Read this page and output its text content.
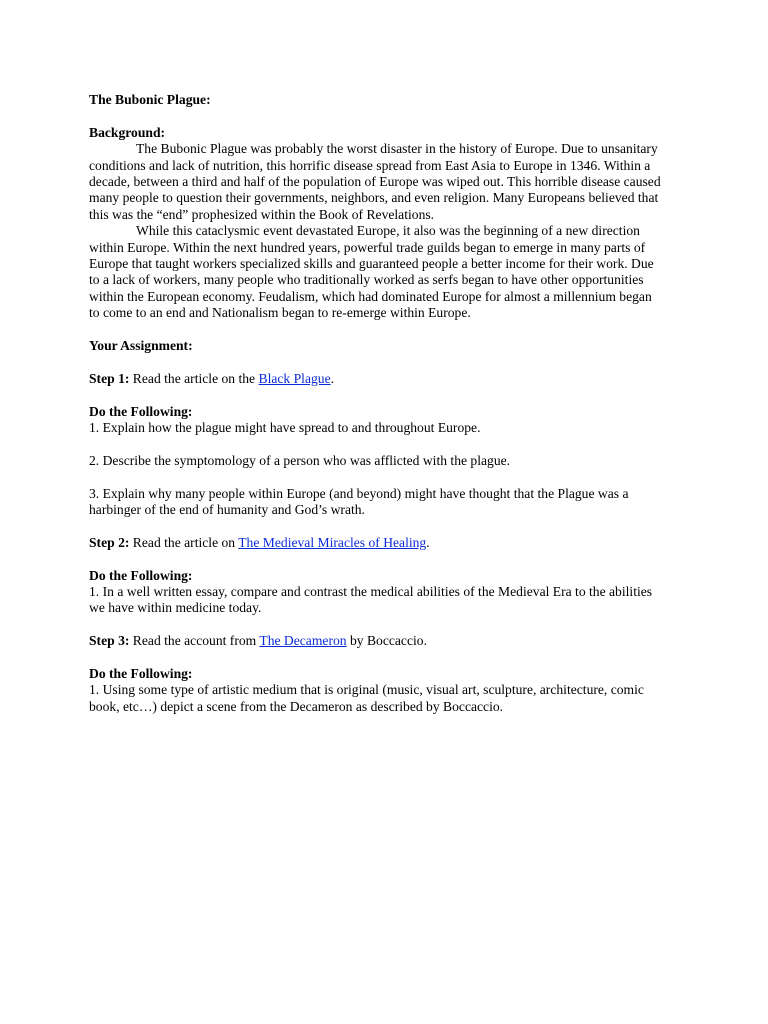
The Bubonic Plague:

Background:

The Bubonic Plague was probably the worst disaster in the history of Europe. Due to unsanitary

conditions and lack of nutrition, this horrific disease spread from East Asia to Europe in 1346. Within a

decade, between a third and half of the population of Europe was wiped out. This horrible disease caused

many people to question their governments, neighbors, and even religion. Many Europeans believed that

this was the “end” prophesized within the Book of Revelations.

While this cataclysmic event devastated Europe, it also was the beginning of a new direction

within Europe. Within the next hundred years, powerful trade guilds began to emerge in many parts of

Europe that taught workers specialized skills and guaranteed people a better income for their work. Due

to a lack of workers, many people who traditionally worked as serfs began to have other opportunities

within the European economy. Feudalism, which had dominated Europe for almost a millennium began

to come to an end and Nationalism began to re-emerge within Europe.

Your Assignment:

Step 1: Read the article on the Black Plague.

Do the Following:

1. Explain how the plague might have spread to and throughout Europe.

2. Describe the symptomology of a person who was afflicted with the plague.

3. Explain why many people within Europe (and beyond) might have thought that the Plague was a

harbinger of the end of humanity and God’s wrath.

Step 2: Read the article on The Medieval Miracles of Healing.

Do the Following:

1. In a well written essay, compare and contrast the medical abilities of the Medieval Era to the abilities

we have within medicine today.

Step 3: Read the account from The Decameron by Boccaccio.

Do the Following:

1. Using some type of artistic medium that is original (music, visual art, sculpture, architecture, comic

book, etc…) depict a scene from the Decameron as described by Boccaccio.
